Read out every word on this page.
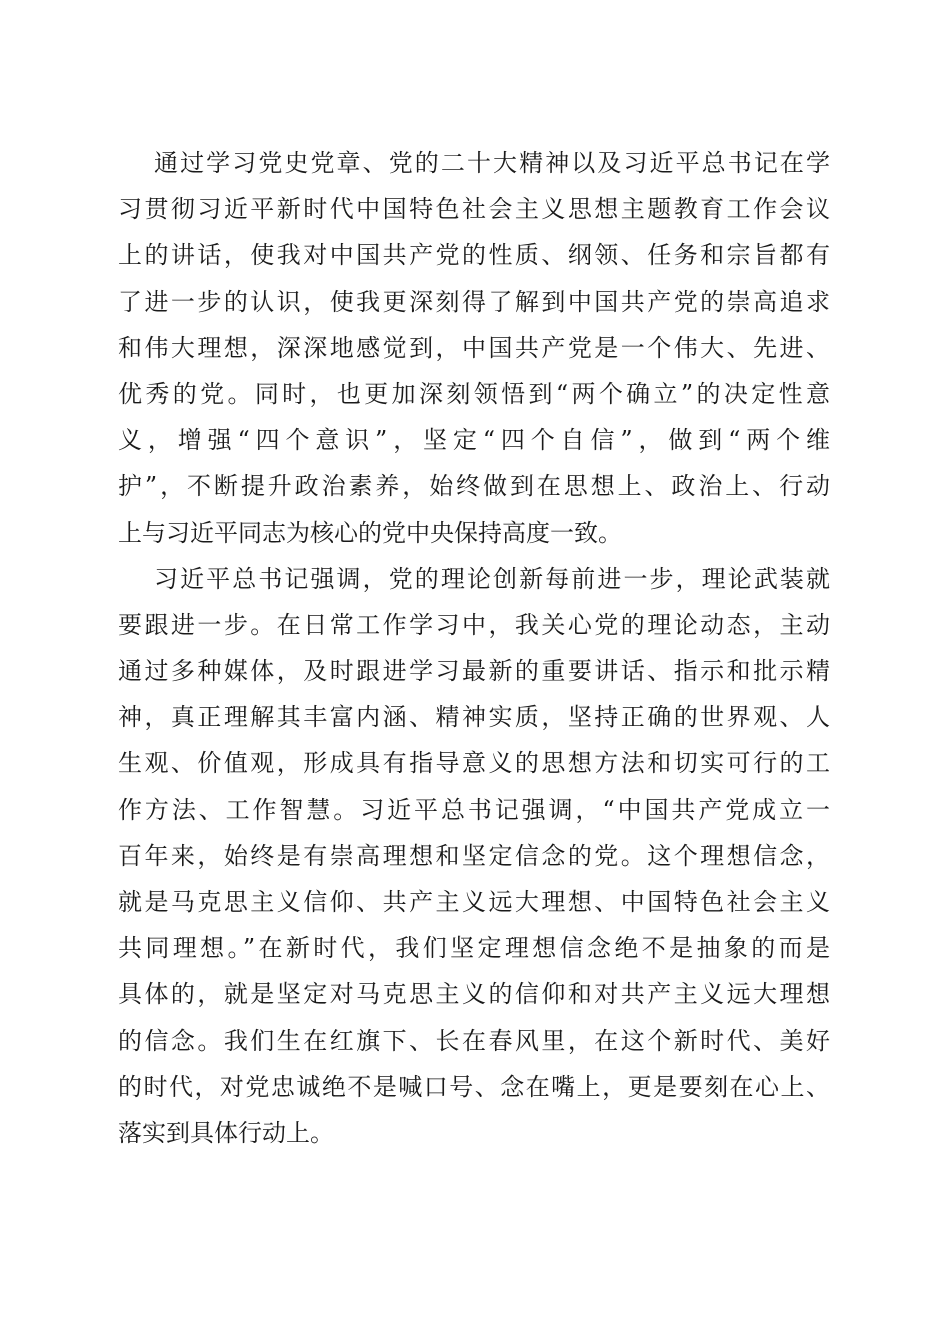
通过学习党史党章、党的二十大精神以及习近平总书记在学
习贯彻习近平新时代中国特色社会主义思想主题教育工作会议
上的讲话，使我对中国共产党的性质、纲领、任务和宗旨都有
了进一步的认识，使我更深刻得了解到中国共产党的崇高追求
和伟大理想，深深地感觉到，中国共产党是一个伟大、先进、
优秀的党。同时，也更加深刻领悟到“两个确立”的决定性意
义，增强“四个意识”，坚定“四个自信”，做到“两个维
护”，不断提升政治素养，始终做到在思想上、政治上、行动
上与习近平同志为核心的党中央保持高度一致。
习近平总书记强调，党的理论创新每前进一步，理论武装就
要跟进一步。在日常工作学习中，我关心党的理论动态，主动
通过多种媒体，及时跟进学习最新的重要讲话、指示和批示精
神，真正理解其丰富内涵、精神实质，坚持正确的世界观、人
生观、价值观，形成具有指导意义的思想方法和切实可行的工
作方法、工作智慧。习近平总书记强调，“中国共产党成立一
百年来，始终是有崇高理想和坚定信念的党。这个理想信念，
就是马克思主义信仰、共产主义远大理想、中国特色社会主义
共同理想。”在新时代，我们坚定理想信念绝不是抽象的而是
具体的，就是坚定对马克思主义的信仰和对共产主义远大理想
的信念。我们生在红旗下、长在春风里，在这个新时代、美好
的时代，对党忠诚绝不是喊口号、念在嘴上，更是要刻在心上、
落实到具体行动上。
